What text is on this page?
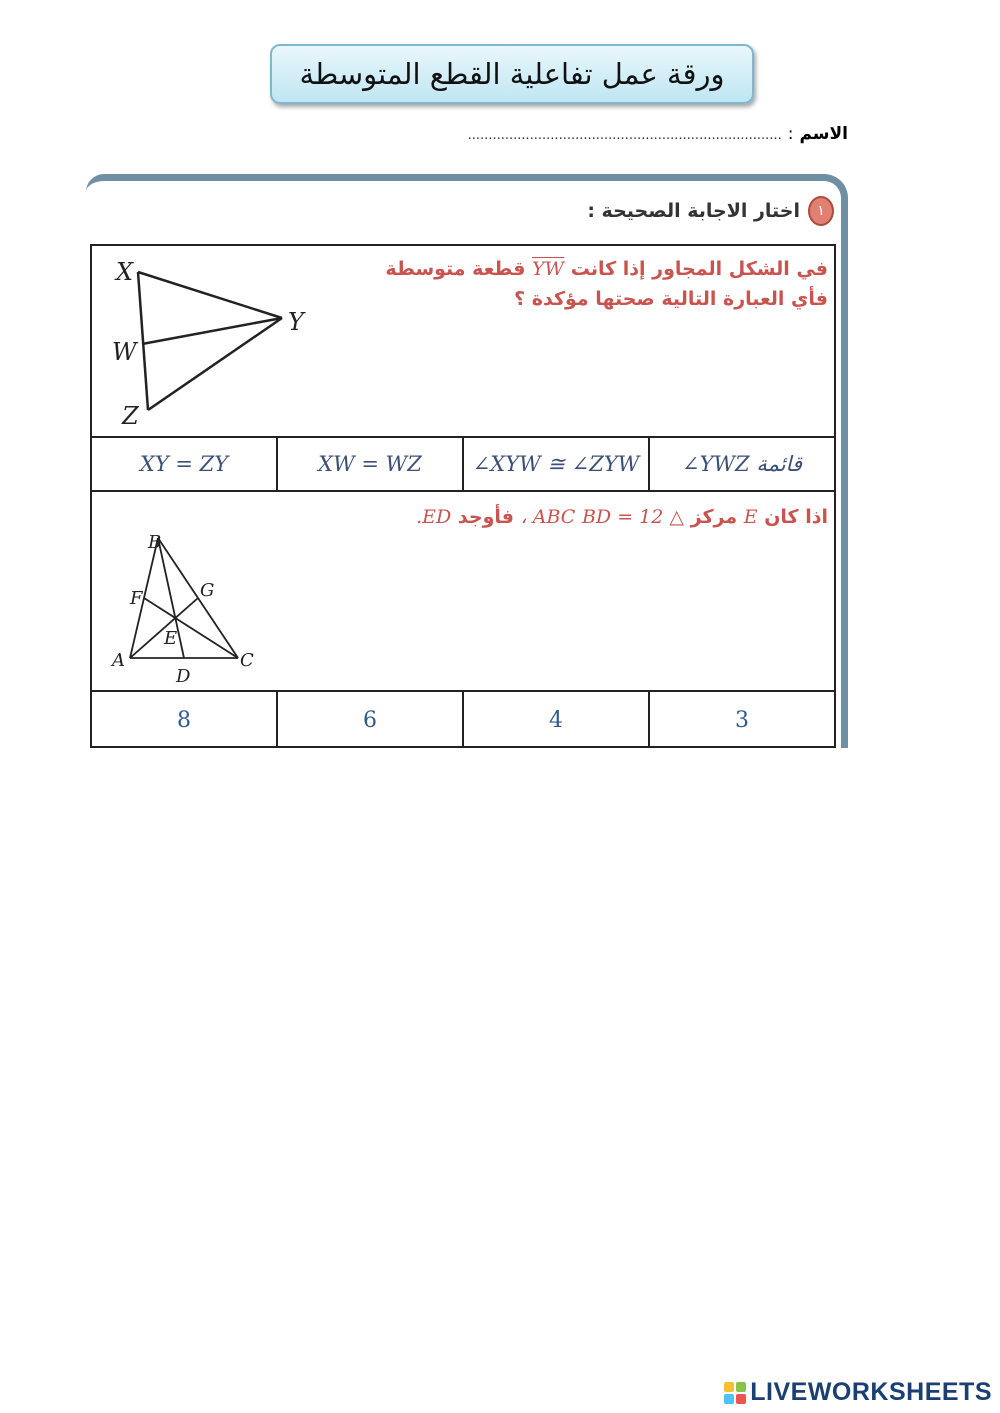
ورقة عمل تفاعلية القطع المتوسطة
الاسم
:
............................................................................
١
اختار الاجابة الصحيحة :
X
Y
W
Z
في الشكل المجاور إذا كانت YW قطعة متوسطة فأي العبارة التالية صحتها مؤكدة ؟
XY = ZY	XW = WZ	∠XYW ≅ ∠ZYW	∠YWZ قائمة
B
F	G
E
A	C
D
اذا كان E مركز △ ABC BD = 12 ، فأوجد ED.
8	6	4	3
LIVEWORKSHEETS
